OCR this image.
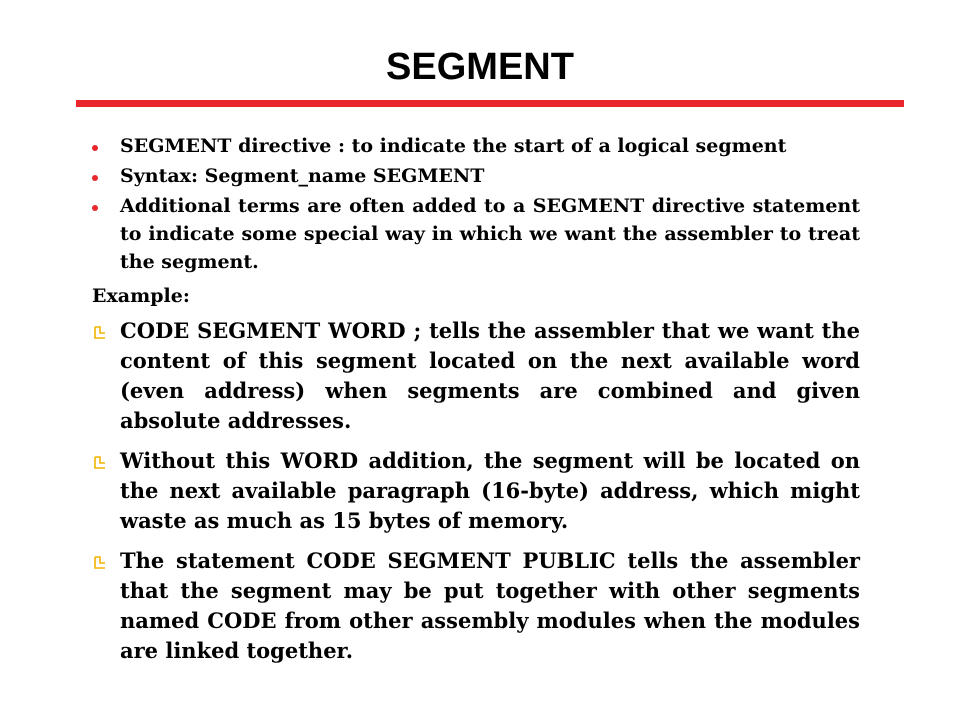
SEGMENT
SEGMENT directive : to indicate the start of a logical segment
Syntax: Segment_name SEGMENT
Additional terms are often added to a SEGMENT directive statement to indicate some special way in which we want the assembler to treat the segment.
Example:
CODE SEGMENT WORD ; tells the assembler that we want the content of this segment located on the next available word (even address) when segments are combined and given absolute addresses.
Without this WORD addition, the segment will be located on the next available paragraph (16-byte) address, which might waste as much as 15 bytes of memory.
The statement CODE SEGMENT PUBLIC tells the assembler that the segment may be put together with other segments named CODE from other assembly modules when the modules are linked together.
